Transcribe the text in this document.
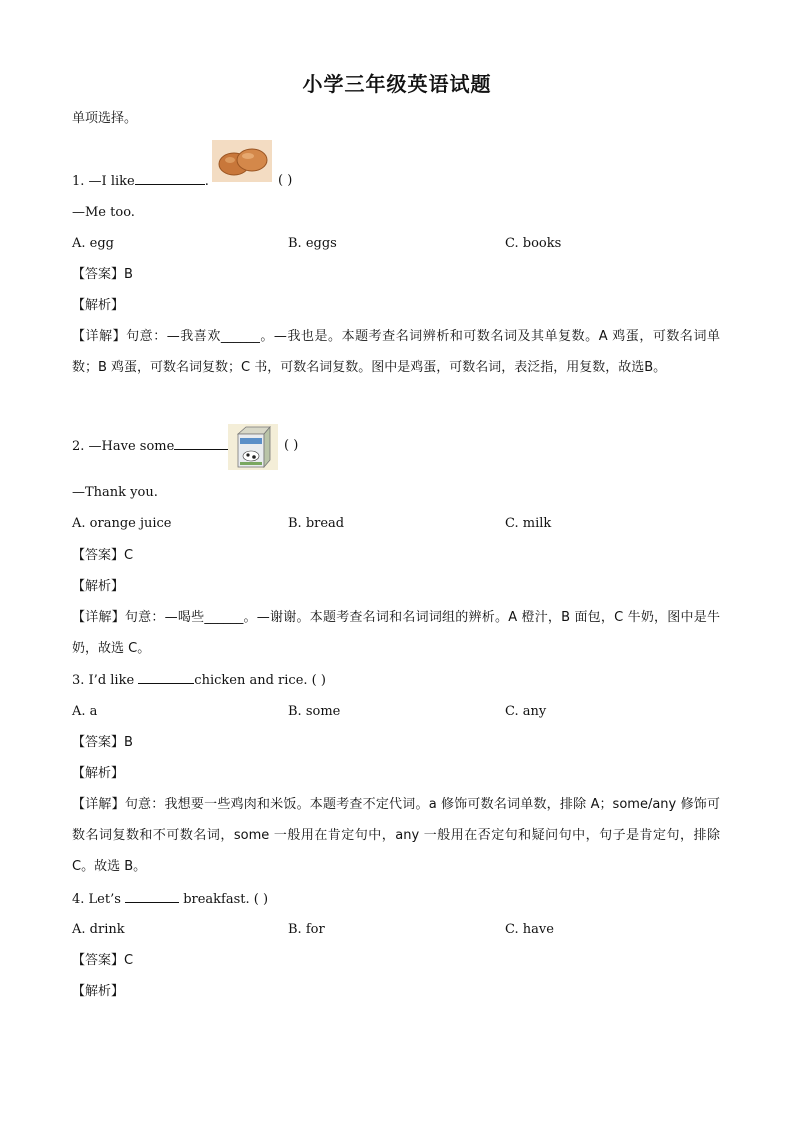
小学三年级英语试题
单项选择。
1. —I like	.	( )
—Me too.
A. egg	B. eggs	C. books
【答案】B
【解析】
【详解】句意：—我喜欢______。—我也是。本题考查名词辨析和可数名词及其单复数。A 鸡蛋，可数名词单数；B 鸡蛋，可数名词复数；C 书，可数名词复数。图中是鸡蛋，可数名词，表泛指，用复数，故选B。
2. —Have some	( )
—Thank you.
A. orange juice	B. bread	C. milk
【答案】C
【解析】
【详解】句意：—喝些______。—谢谢。本题考查名词和名词词组的辨析。A 橙汁，B 面包，C 牛奶，图中是牛奶，故选 C。
3. I’d like	chicken and rice. ( )
A. a	B. some	C. any
【答案】B
【解析】
【详解】句意：我想要一些鸡肉和米饭。本题考查不定代词。a 修饰可数名词单数，排除 A；some/any 修饰可数名词复数和不可数名词，some 一般用在肯定句中，any 一般用在否定句和疑问句中，句子是肯定句，排除 C。故选 B。
4. Let’s	breakfast. ( )
A. drink	B. for	C. have
【答案】C
【解析】
